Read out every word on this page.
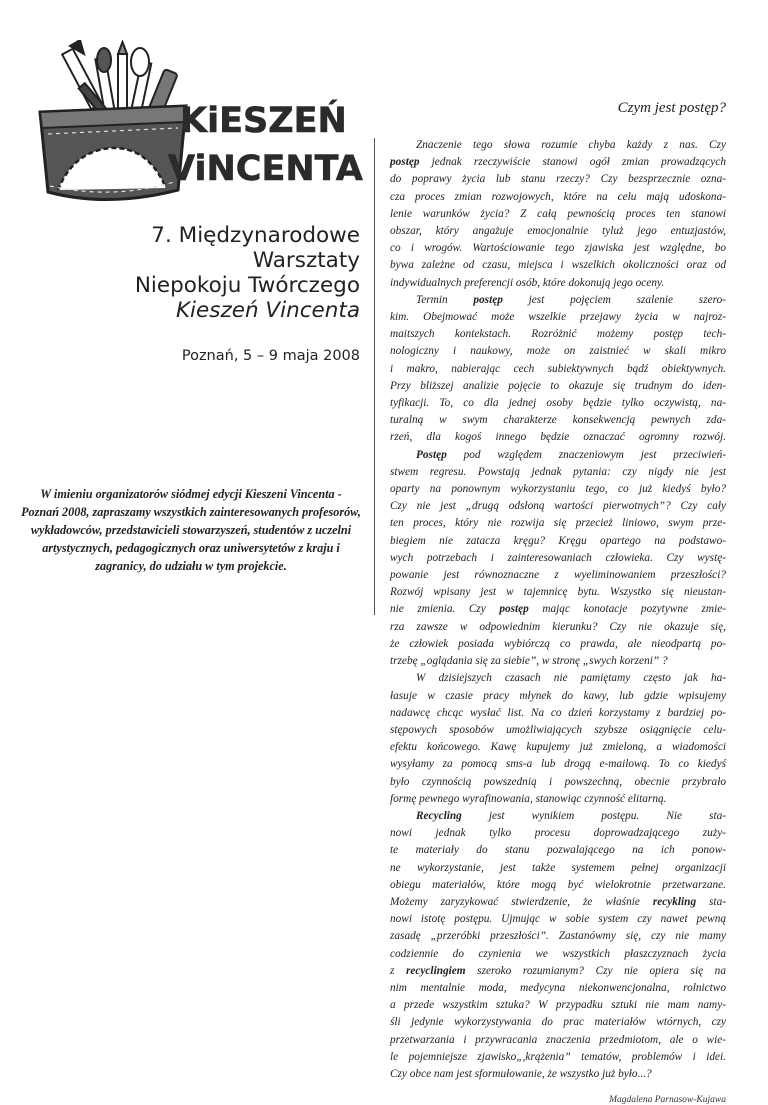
KiESZEŃ
ViNCENTA
7. Międzynarodowe
Warsztaty
Niepokoju Twórczego
Kieszeń Vincenta
Poznań, 5 – 9 maja 2008
W imieniu organizatorów siódmej edycji Kieszeni Vincenta - Poznań 2008, zapraszamy wszystkich zainteresowanych profesorów, wykładowców, przedstawicieli stowarzyszeń, studentów z uczelni artystycznych, pedagogicznych oraz uniwersytetów z kraju i zagranicy, do udziału w tym projekcie.
Czym jest postęp?
Znaczenie tego słowa rozumie chyba każdy z nas. Czy
postęp jednak rzeczywiście stanowi ogół zmian prowadzących
do poprawy życia lub stanu rzeczy? Czy bezsprzecznie ozna-
cza proces zmian rozwojowych, które na celu mają udoskona-
lenie warunków życia? Z całą pewnością proces ten stanowi
obszar, który angażuje emocjonalnie tyluż jego entuzjastów,
co i wrogów. Wartościowanie tego zjawiska jest względne, bo
bywa zależne od czasu, miejsca i wszelkich okoliczności oraz od
indywidualnych preferencji osób, które dokonują jego oceny.
Termin postęp jest pojęciem szalenie szero-
kim. Obejmować może wszelkie przejawy życia w najroz-
maitszych kontekstach. Rozróżnić możemy postęp tech-
nologiczny i naukowy, może on zaistnieć w skali mikro
i makro, nabierając cech subiektywnych bądź obiektywnych.
Przy bliższej analizie pojęcie to okazuje się trudnym do iden-
tyfikacji. To, co dla jednej osoby będzie tylko oczywistą, na-
turalną w swym charakterze konsekwencją pewnych zda-
rzeń, dla kogoś innego będzie oznaczać ogromny rozwój.
Postęp pod względem znaczeniowym jest przeciwień-
stwem regresu. Powstają jednak pytania: czy nigdy nie jest
oparty na ponownym wykorzystaniu tego, co już kiedyś było?
Czy nie jest „drugą odsłoną wartości pierwotnych”? Czy cały
ten proces, który nie rozwija się przecież liniowo, swym prze-
biegiem nie zatacza kręgu? Kręgu opartego na podstawo-
wych potrzebach i zainteresowaniach człowieka. Czy wystę-
powanie jest równoznaczne z wyeliminowaniem przeszłości?
Rozwój wpisany jest w tajemnicę bytu. Wszystko się nieustan-
nie zmienia. Czy postęp mając konotacje pozytywne zmie-
rza zawsze w odpowiednim kierunku? Czy nie okazuje się,
że człowiek posiada wybiórczą co prawda, ale nieodpartą po-
trzebę „oglądania się za siebie”, w stronę „swych korzeni” ?
W dzisiejszych czasach nie pamiętamy często jak ha-
łasuje w czasie pracy młynek do kawy, lub gdzie wpisujemy
nadawcę chcąc wysłać list. Na co dzień korzystamy z bardziej po-
stępowych sposobów umożliwiających szybsze osiągnięcie celu-
efektu końcowego. Kawę kupujemy już zmieloną, a wiadomości
wysyłamy za pomocą sms-a lub drogą e-mailową. To co kiedyś
było czynnością powszednią i powszechną, obecnie przybrało
formę pewnego wyrafinowania, stanowiąc czynność elitarną.
Recycling jest wynikiem postępu. Nie sta-
nowi jednak tylko procesu doprowadzającego zuży-
te materiały do stanu pozwalającego na ich ponow-
ne wykorzystanie, jest także systemem pełnej organizacji
obiegu materiałów, które mogą być wielokrotnie przetwarzane.
Możemy zaryzykować stwierdzenie, że właśnie recykling sta-
nowi istotę postępu. Ujmując w sobie system czy nawet pewną
zasadę „przeróbki przeszłości”. Zastanówmy się, czy nie mamy
codziennie do czynienia we wszystkich płaszczyznach życia
z recyclingiem szeroko rozumianym? Czy nie opiera się na
nim mentalnie moda, medycyna niekonwencjonalna, rolnictwo
a przede wszystkim sztuka? W przypadku sztuki nie mam namy-
śli jedynie wykorzystywania do prac materiałów wtórnych, czy
przetwarzania i przywracania znaczenia przedmiotom, ale o wie-
le pojemniejsze zjawisko„,krążenia” tematów, problemów i idei.
Czy obce nam jest sformułowanie, że wszystko już było...?
Magdalena Parnasow-Kujawa
